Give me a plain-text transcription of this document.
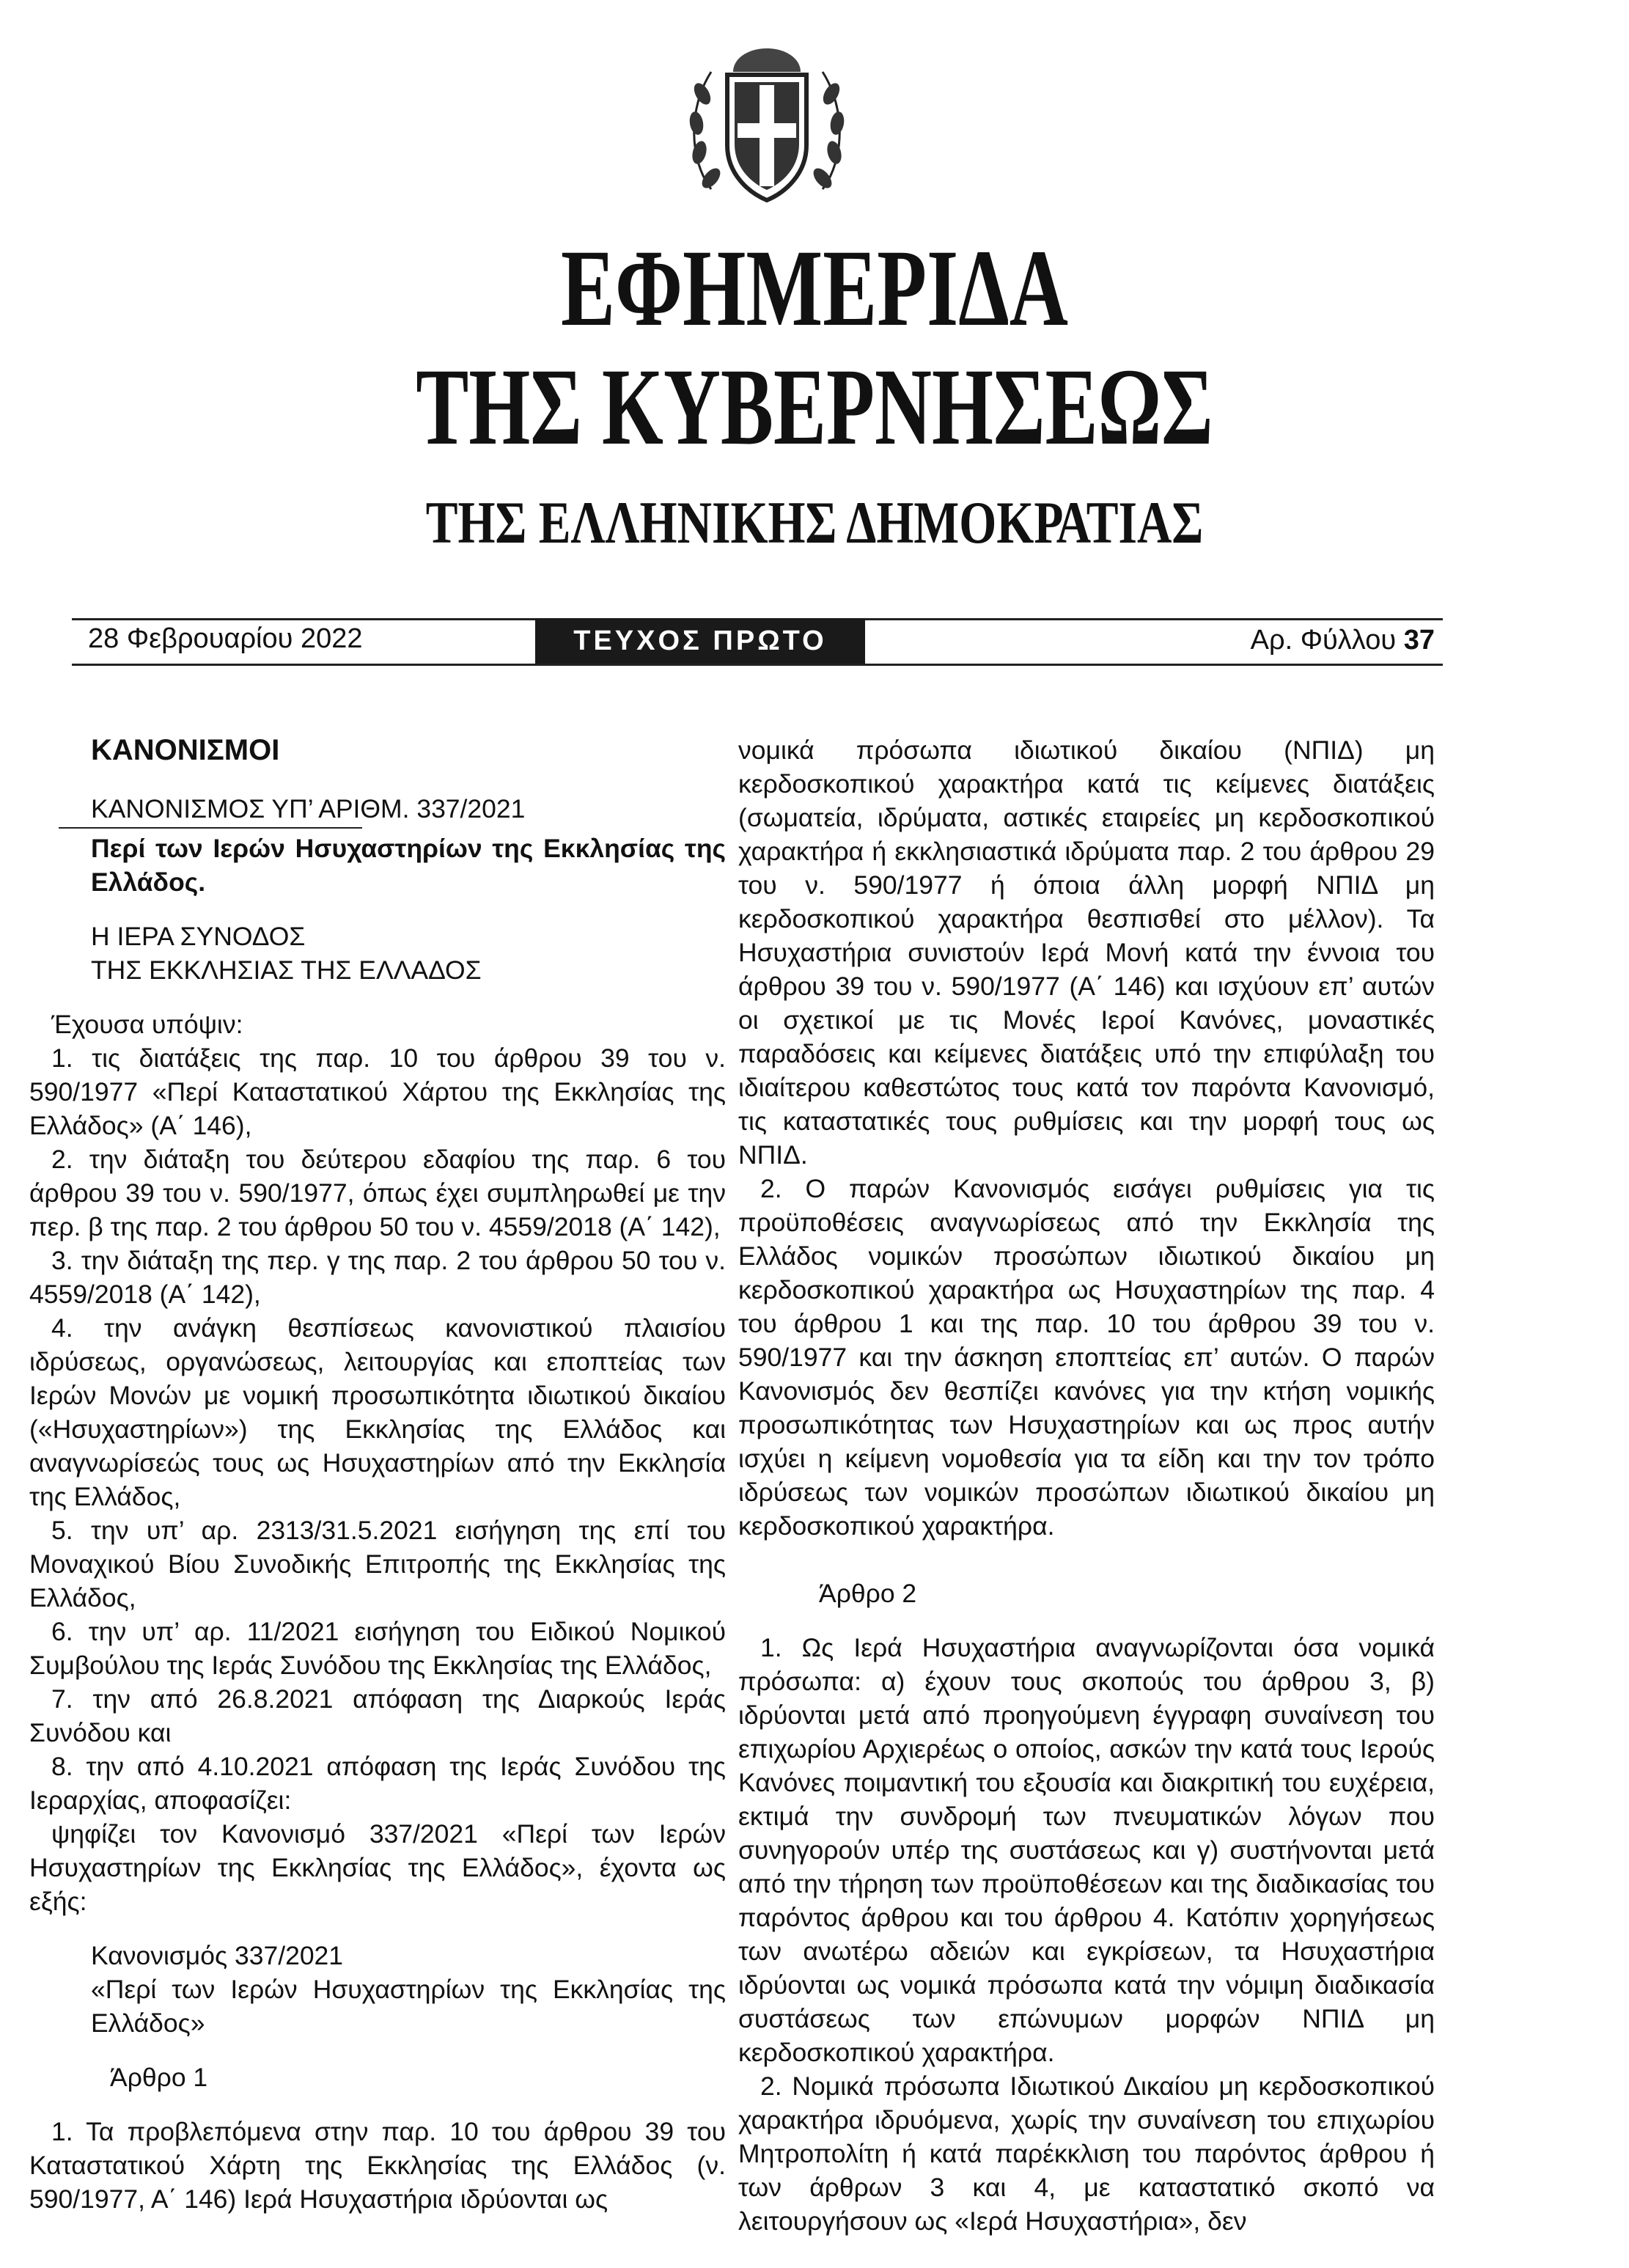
ΕΦΗΜΕΡΙΔΑ
ΤΗΣ ΚΥΒΕΡΝΗΣΕΩΣ
ΤΗΣ ΕΛΛΗΝΙΚΗΣ ΔΗΜΟΚΡΑΤΙΑΣ
28 Φεβρουαρίου 2022	ΤΕΥΧΟΣ ΠΡΩΤΟ	Αρ. Φύλλου 37

ΚΑΝΟΝΙΣΜΟΙ

ΚΑΝΟΝΙΣΜΟΣ ΥΠ’ ΑΡΙΘΜ. 337/2021

Περί των Ιερών Ησυχαστηρίων της Εκκλησίας της Ελλάδος.

Η ΙΕΡΑ ΣΥΝΟΔΟΣ

ΤΗΣ ΕΚΚΛΗΣΙΑΣ ΤΗΣ ΕΛΛΑΔΟΣ

Έχουσα υπόψιν:

1. τις διατάξεις της παρ. 10 του άρθρου 39 του ν. 590/1977 «Περί Καταστατικού Χάρτου της Εκκλησίας της Ελλάδος» (Α΄ 146),

2. την διάταξη του δεύτερου εδαφίου της παρ. 6 του άρθρου 39 του ν. 590/1977, όπως έχει συμπληρωθεί με την περ. β της παρ. 2 του άρθρου 50 του ν. 4559/2018 (Α΄ 142),

3. την διάταξη της περ. γ της παρ. 2 του άρθρου 50 του ν. 4559/2018 (Α΄ 142),

4. την ανάγκη θεσπίσεως κανονιστικού πλαισίου ιδρύσεως, οργανώσεως, λειτουργίας και εποπτείας των Ιερών Μονών με νομική προσωπικότητα ιδιωτικού δικαίου («Ησυχαστηρίων») της Εκκλησίας της Ελλάδος και αναγνωρίσεώς τους ως Ησυχαστηρίων από την Εκκλησία της Ελλάδος,

5. την υπ’ αρ. 2313/31.5.2021 εισήγηση της επί του Μοναχικού Βίου Συνοδικής Επιτροπής της Εκκλησίας της Ελλάδος,

6. την υπ’ αρ. 11/2021 εισήγηση του Ειδικού Νομικού Συμβούλου της Ιεράς Συνόδου της Εκκλησίας της Ελλάδος,

7. την από 26.8.2021 απόφαση της Διαρκούς Ιεράς Συνόδου και

8. την από 4.10.2021 απόφαση της Ιεράς Συνόδου της Ιεραρχίας, αποφασίζει:

ψηφίζει τον Κανονισμό 337/2021 «Περί των Ιερών Ησυχαστηρίων της Εκκλησίας της Ελλάδος», έχοντα ως εξής:

Κανονισμός 337/2021

«Περί των Ιερών Ησυχαστηρίων της Εκκλησίας της Ελλάδος»

Άρθρο 1

1. Τα προβλεπόμενα στην παρ. 10 του άρθρου 39 του Καταστατικού Χάρτη της Εκκλησίας της Ελλάδος (ν. 590/1977, Α΄ 146) Ιερά Ησυχαστήρια ιδρύονται ως

νομικά πρόσωπα ιδιωτικού δικαίου (ΝΠΙΔ) μη κερδοσκοπικού χαρακτήρα κατά τις κείμενες διατάξεις (σωματεία, ιδρύματα, αστικές εταιρείες μη κερδοσκοπικού χαρακτήρα ή εκκλησιαστικά ιδρύματα παρ. 2 του άρθρου 29 του ν. 590/1977 ή όποια άλλη μορφή ΝΠΙΔ μη κερδοσκοπικού χαρακτήρα θεσπισθεί στο μέλλον). Τα Ησυχαστήρια συνιστούν Ιερά Μονή κατά την έννοια του άρθρου 39 του ν. 590/1977 (Α΄ 146) και ισχύουν επ’ αυτών οι σχετικοί με τις Μονές Ιεροί Κανόνες, μοναστικές παραδόσεις και κείμενες διατάξεις υπό την επιφύλαξη του ιδιαίτερου καθεστώτος τους κατά τον παρόντα Κανονισμό, τις καταστατικές τους ρυθμίσεις και την μορφή τους ως ΝΠΙΔ.

2. Ο παρών Κανονισμός εισάγει ρυθμίσεις για τις προϋποθέσεις αναγνωρίσεως από την Εκκλησία της Ελλάδος νομικών προσώπων ιδιωτικού δικαίου μη κερδοσκοπικού χαρακτήρα ως Ησυχαστηρίων της παρ. 4 του άρθρου 1 και της παρ. 10 του άρθρου 39 του ν. 590/1977 και την άσκηση εποπτείας επ’ αυτών. Ο παρών Κανονισμός δεν θεσπίζει κανόνες για την κτήση νομικής προσωπικότητας των Ησυχαστηρίων και ως προς αυτήν ισχύει η κείμενη νομοθεσία για τα είδη και την τον τρόπο ιδρύσεως των νομικών προσώπων ιδιωτικού δικαίου μη κερδοσκοπικού χαρακτήρα.

Άρθρο 2

1. Ως Ιερά Ησυχαστήρια αναγνωρίζονται όσα νομικά πρόσωπα: α) έχουν τους σκοπούς του άρθρου 3, β) ιδρύονται μετά από προηγούμενη έγγραφη συναίνεση του επιχωρίου Αρχιερέως ο οποίος, ασκών την κατά τους Ιερούς Κανόνες ποιμαντική του εξουσία και διακριτική του ευχέρεια, εκτιμά την συνδρομή των πνευματικών λόγων που συνηγορούν υπέρ της συστάσεως και γ) συστήνονται μετά από την τήρηση των προϋποθέσεων και της διαδικασίας του παρόντος άρθρου και του άρθρου 4. Κατόπιν χορηγήσεως των ανωτέρω αδειών και εγκρίσεων, τα Ησυχαστήρια ιδρύονται ως νομικά πρόσωπα κατά την νόμιμη διαδικασία συστάσεως των επώνυμων μορφών ΝΠΙΔ μη κερδοσκοπικού χαρακτήρα.

2. Νομικά πρόσωπα Ιδιωτικού Δικαίου μη κερδοσκοπικού χαρακτήρα ιδρυόμενα, χωρίς την συναίνεση του επιχωρίου Μητροπολίτη ή κατά παρέκκλιση του παρόντος άρθρου ή των άρθρων 3 και 4, με καταστατικό σκοπό να λειτουργήσουν ως «Ιερά Ησυχαστήρια», δεν
